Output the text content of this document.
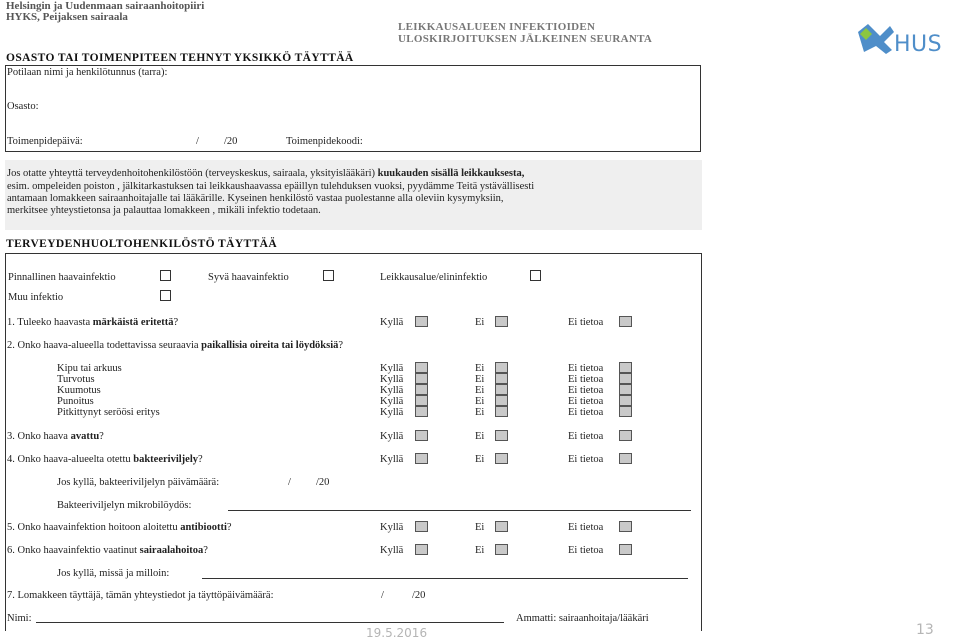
Helsingin ja Uudenmaan sairaanhoitopiiri
HYKS, Peijaksen sairaala
LEIKKAUSALUEEN INFEKTIOIDEN
ULOSKIRJOITUKSEN JÄLKEINEN SEURANTA	HUS
OSASTO TAI TOIMENPITEEN TEHNYT YKSIKKÖ TÄYTTÄÄ
Potilaan nimi ja henkilötunnus (tarra):
Osasto:
Toimenpidepäivä:	/ /20	Toimenpidekoodi:
Jos otatte yhteyttä terveydenhoitohenkilöstöön (terveyskeskus, sairaala, yksityislääkäri) kuukauden sisällä leikkauksesta,
esim. ompeleiden poiston , jälkitarkastuksen tai leikkaushaavassa epäillyn tulehduksen vuoksi, pyydämme Teitä ystävällisesti
antamaan lomakkeen sairaanhoitajalle tai lääkärille. Kyseinen henkilöstö vastaa puolestanne alla oleviin kysymyksiin,
merkitsee yhteystietonsa ja palauttaa lomakkeen , mikäli infektio todetaan.
TERVEYDENHUOLTOHENKILÖSTÖ TÄYTTÄÄ
Pinnallinen haavainfektio	Syvä haavainfektio	Leikkausalue/elininfektio
Muu infektio
1. Tuleeko haavasta märkäistä eritettä?	Kyllä	Ei	Ei tietoa
2. Onko haava-alueella todettavissa seuraavia paikallisia oireita tai löydöksiä?
Kipu tai arkuus	Kyllä	Ei	Ei tietoa
Turvotus	Kyllä	Ei	Ei tietoa
Kuumotus	Kyllä	Ei	Ei tietoa
Punoitus	Kyllä	Ei	Ei tietoa
Pitkittynyt seröösi eritys	Kyllä	Ei	Ei tietoa
3. Onko haava avattu?	Kyllä	Ei	Ei tietoa
4. Onko haava-alueelta otettu bakteeriviljely?	Kyllä	Ei	Ei tietoa
Jos kyllä, bakteeriviljelyn päivämäärä:	/ /20
Bakteeriviljelyn mikrobilöydös:
5. Onko haavainfektion hoitoon aloitettu antibiootti?	Kyllä	Ei	Ei tietoa
6. Onko haavainfektio vaatinut sairaalahoitoa?	Kyllä	Ei	Ei tietoa
Jos kyllä, missä ja milloin:
7. Lomakkeen täyttäjä, tämän yhteystiedot ja täyttöpäivämäärä:	/	/20
Nimi:	Ammatti: sairaanhoitaja/lääkäri
19.5.2016	13
